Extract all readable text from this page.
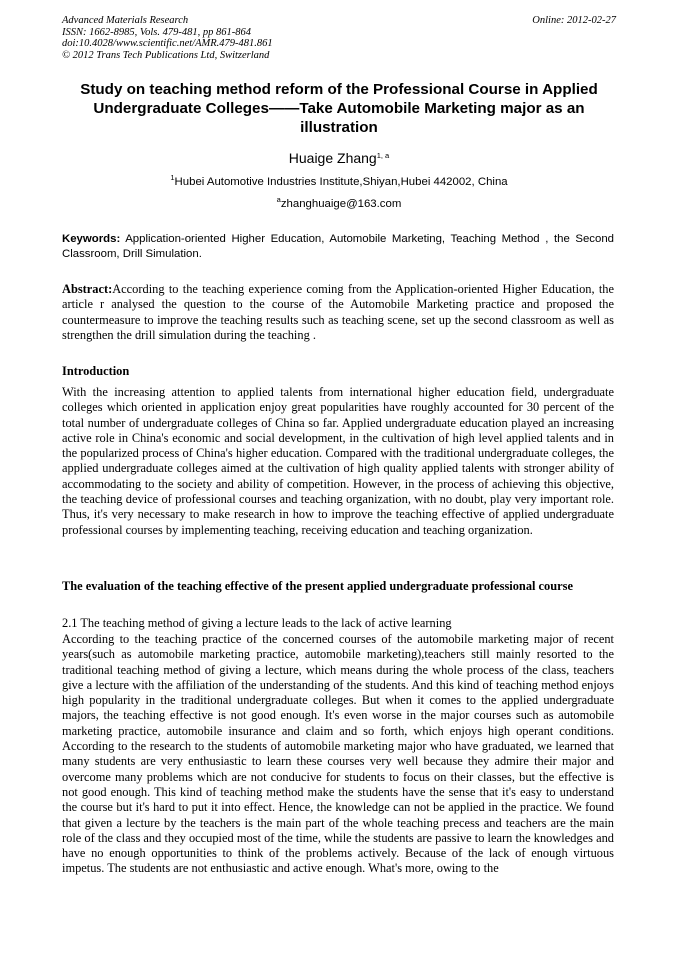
Advanced Materials Research
ISSN: 1662-8985, Vols. 479-481, pp 861-864
doi:10.4028/www.scientific.net/AMR.479-481.861
© 2012 Trans Tech Publications Ltd, Switzerland
Online: 2012-02-27
Study on teaching method reform of the Professional Course in Applied Undergraduate Colleges——Take Automobile Marketing major as an illustration
Huaige Zhang$^{1, a}$
$^1$Hubei Automotive Industries Institute,Shiyan,Hubei 442002, China
$^a$zhanghuaige@163.com
Keywords: Application-oriented Higher Education, Automobile Marketing, Teaching Method , the Second Classroom, Drill Simulation.
Abstract:According to the teaching experience coming from the Application-oriented Higher Education, the article r analysed the question to the course of the Automobile Marketing practice and proposed the countermeasure to improve the teaching results such as teaching scene, set up the second classroom as well as strengthen the drill simulation during the teaching .
Introduction

With the increasing attention to applied talents from international higher education field, undergraduate colleges which oriented in application enjoy great popularities have roughly accounted for 30 percent of the total number of undergraduate colleges of China so far. Applied undergraduate education played an increasing active role in China's economic and social development, in the cultivation of high level applied talents and in the popularized process of China's higher education. Compared with the traditional undergraduate colleges, the applied undergraduate colleges aimed at the cultivation of high quality applied talents with stronger ability of accommodating to the society and ability of competition. However, in the process of achieving this objective, the teaching device of professional courses and teaching organization, with no doubt, play very important role. Thus, it's very necessary to make research in how to improve the teaching effective of applied undergraduate professional courses by implementing teaching, receiving education and teaching organization.

The evaluation of the teaching effective of the present applied undergraduate professional course
2.1 The teaching method of giving a lecture leads to the lack of active learning

According to the teaching practice of the concerned courses of the automobile marketing major of recent years(such as automobile marketing practice, automobile marketing),teachers still mainly resorted to the traditional teaching method of giving a lecture, which means during the whole process of the class, teachers give a lecture with the affiliation of the understanding of the students. And this kind of teaching method enjoys high popularity in the traditional undergraduate colleges. But when it comes to the applied undergraduate majors, the teaching effective is not good enough. It's even worse in the major courses such as automobile marketing practice, automobile insurance and claim and so forth, which enjoys high operant conditions. According to the research to the students of automobile marketing major who have graduated, we learned that many students are very enthusiastic to learn these courses very well because they admire their major and overcome many problems which are not conducive for students to focus on their classes, but the effective is not good enough. This kind of teaching method make the students have the sense that it's easy to understand the course but it's hard to put it into effect. Hence, the knowledge can not be applied in the practice. We found that given a lecture by the teachers is the main part of the whole teaching precess and teachers are the main role of the class and they occupied most of the time, while the students are passive to learn the knowledges and have no enough opportunities to think of the problems actively. Because of the lack of enough virtuous impetus. The students are not enthusiastic and active enough. What's more, owing to the
